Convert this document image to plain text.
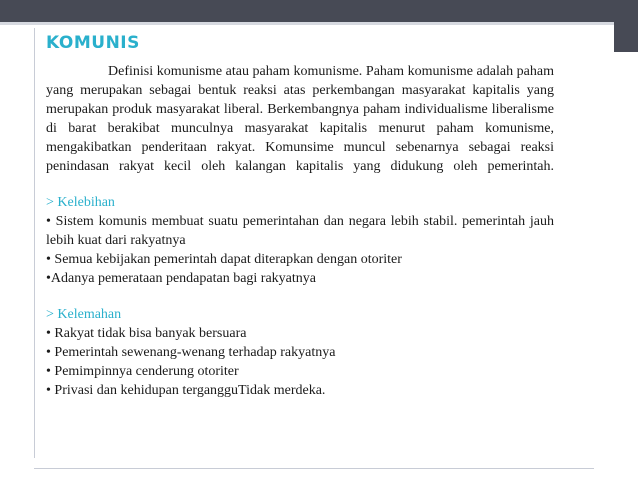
KOMUNIS

Definisi komunisme atau paham komunisme. Paham komunisme adalah paham yang merupakan sebagai bentuk reaksi atas perkembangan masyarakat kapitalis yang merupakan produk masyarakat liberal. Berkembangnya paham individualisme liberalisme di barat berakibat munculnya masyarakat kapitalis menurut paham komunisme, mengakibatkan penderitaan rakyat. Komunsime muncul sebenarnya sebagai reaksi penindasan rakyat kecil oleh kalangan kapitalis yang didukung oleh pemerintah.

> Kelebihan

• Sistem komunis membuat suatu pemerintahan dan negara lebih stabil. pemerintah jauh lebih kuat dari rakyatnya

• Semua kebijakan pemerintah dapat diterapkan dengan otoriter

•Adanya pemerataan pendapatan bagi rakyatnya

> Kelemahan

• Rakyat tidak bisa banyak bersuara

• Pemerintah sewenang-wenang terhadap rakyatnya

• Pemimpinnya cenderung otoriter

• Privasi dan kehidupan tergangguTidak merdeka.
